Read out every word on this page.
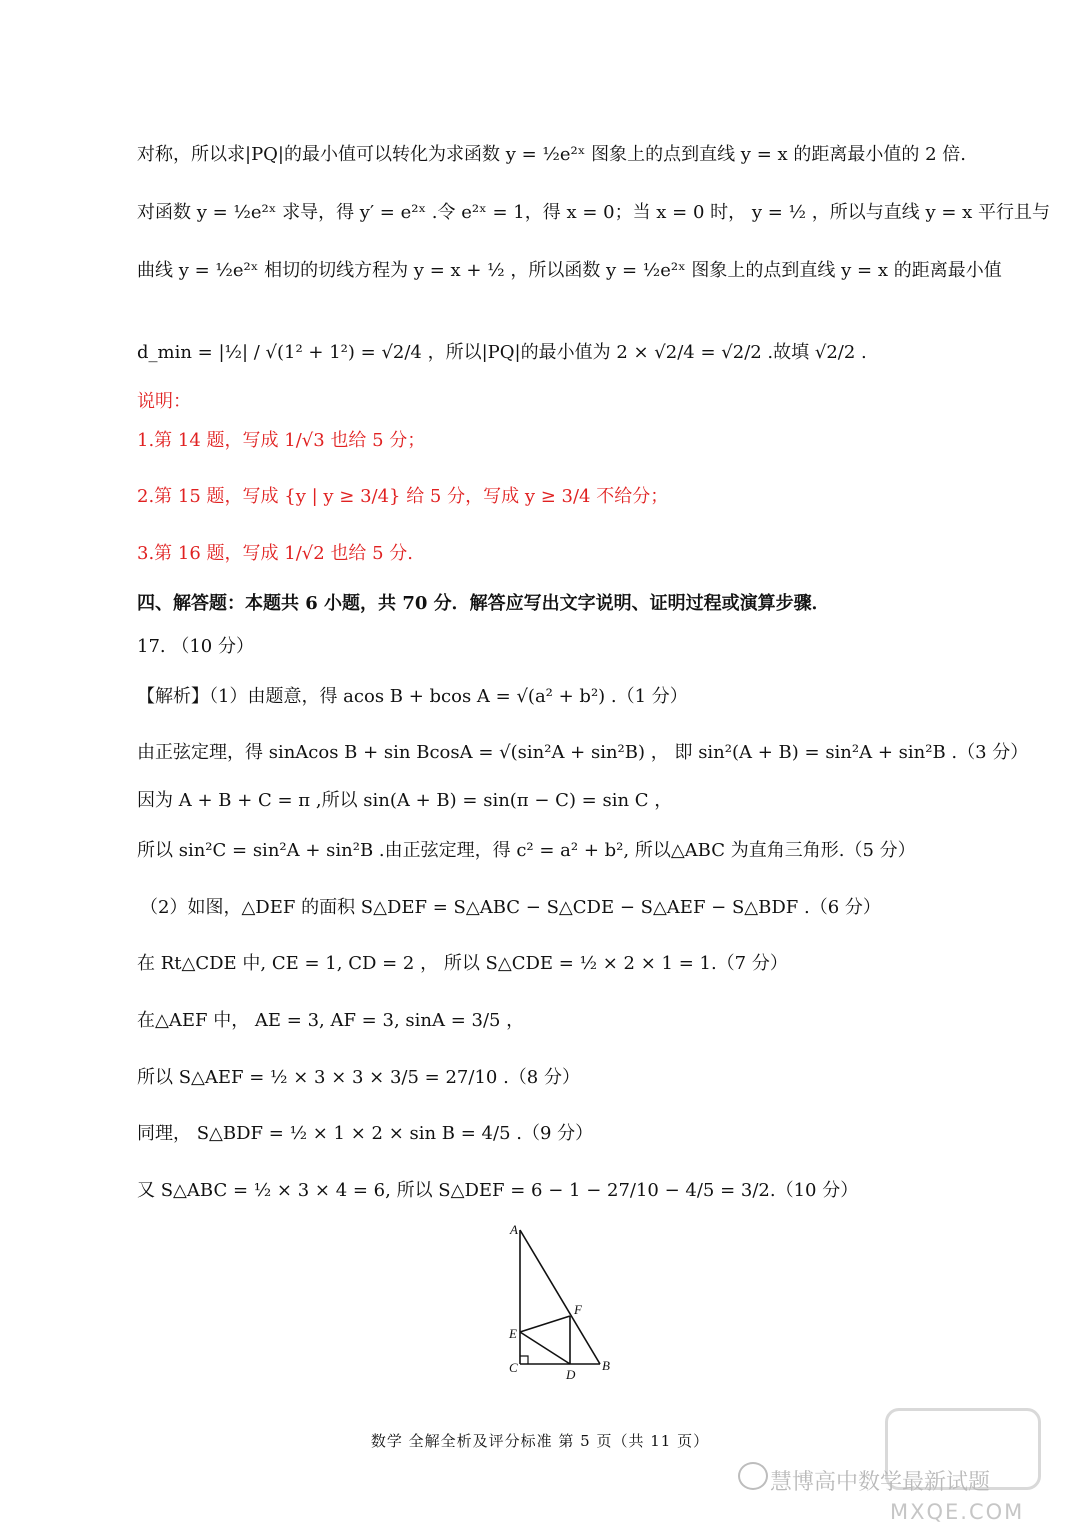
对称，所以求|PQ|的最小值可以转化为求函数 y = ½e²ˣ 图象上的点到直线 y = x 的距离最小值的 2 倍.
对函数 y = ½e²ˣ 求导，得 y′ = e²ˣ .令 e²ˣ = 1，得 x = 0；当 x = 0 时， y = ½ ，所以与直线 y = x 平行且与
曲线 y = ½e²ˣ 相切的切线方程为 y = x + ½ ，所以函数 y = ½e²ˣ 图象上的点到直线 y = x 的距离最小值
d_min = |½| / √(1² + 1²) = √2/4 ，所以|PQ|的最小值为 2 × √2/4 = √2/2 .故填 √2/2 .
说明：
1.第 14 题，写成 1/√3 也给 5 分；
2.第 15 题，写成 {y | y ≥ 3/4} 给 5 分，写成 y ≥ 3/4 不给分；
3.第 16 题，写成 1/√2 也给 5 分.
四、解答题：本题共 6 小题，共 70 分．解答应写出文字说明、证明过程或演算步骤．
17. （10 分）
【解析】（1）由题意，得 acos B + bcos A = √(a² + b²) .（1 分）
由正弦定理，得 sinAcos B + sin BcosA = √(sin²A + sin²B) ， 即 sin²(A + B) = sin²A + sin²B .（3 分）
因为 A + B + C = π ,所以 sin(A + B) = sin(π − C) = sin C ，
所以 sin²C = sin²A + sin²B .由正弦定理，得 c² = a² + b², 所以△ABC 为直角三角形.（5 分）
（2）如图，△DEF 的面积 S△DEF = S△ABC − S△CDE − S△AEF − S△BDF .（6 分）
在 Rt△CDE 中, CE = 1, CD = 2 ， 所以 S△CDE = ½ × 2 × 1 = 1.（7 分）
在△AEF 中， AE = 3, AF = 3, sinA = 3/5 ，
所以 S△AEF = ½ × 3 × 3 × 3/5 = 27/10 .（8 分）
同理， S△BDF = ½ × 1 × 2 × sin B = 4/5 .（9 分）
又 S△ABC = ½ × 3 × 4 = 6, 所以 S△DEF = 6 − 1 − 27/10 − 4/5 = 3/2.（10 分）
A
E
C	D
B
F
数学 全解全析及评分标准 第 5 页（共 11 页）
慧博高中数学最新试题
MXQE.COM
